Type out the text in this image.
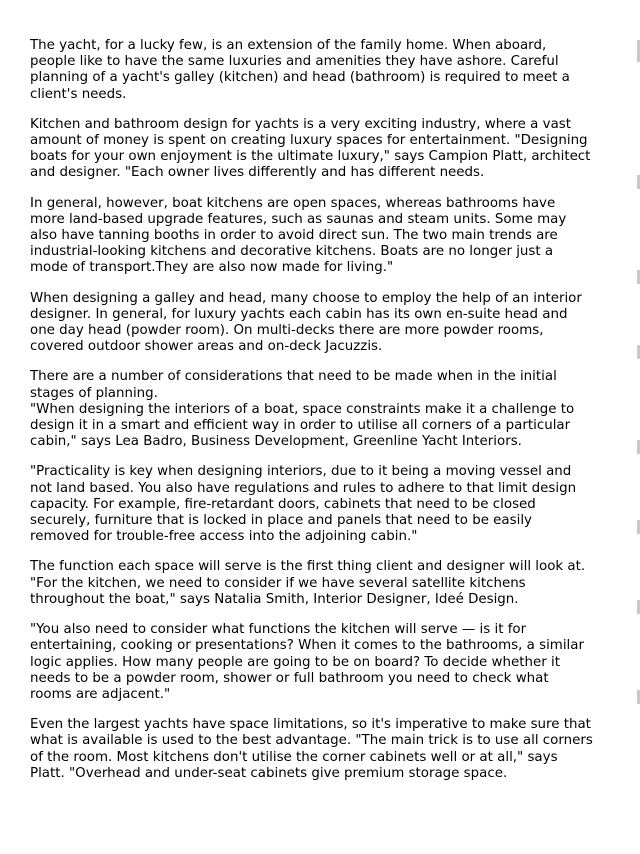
The yacht, for a lucky few, is an extension of the family home. When aboard, people like to have the same luxuries and amenities they have ashore. Careful planning of a yacht's galley (kitchen) and head (bathroom) is required to meet a client's needs.

Kitchen and bathroom design for yachts is a very exciting industry, where a vast amount of money is spent on creating luxury spaces for entertainment. "Designing boats for your own enjoyment is the ultimate luxury," says Campion Platt, architect and designer. "Each owner lives differently and has different needs.

In general, however, boat kitchens are open spaces, whereas bathrooms have more land-based upgrade features, such as saunas and steam units. Some may also have tanning booths in order to avoid direct sun. The two main trends are industrial-looking kitchens and decorative kitchens. Boats are no longer just a mode of transport.They are also now made for living."

When designing a galley and head, many choose to employ the help of an interior designer. In general, for luxury yachts each cabin has its own en-suite head and one day head (powder room). On multi-decks there are more powder rooms, covered outdoor shower areas and on-deck Jacuzzis.

There are a number of considerations that need to be made when in the initial stages of planning.

"When designing the interiors of a boat, space constraints make it a challenge to design it in a smart and efficient way in order to utilise all corners of a particular cabin," says Lea Badro, Business Development, Greenline Yacht Interiors.

"Practicality is key when designing interiors, due to it being a moving vessel and not land based. You also have regulations and rules to adhere to that limit design capacity. For example, fire-retardant doors, cabinets that need to be closed securely, furniture that is locked in place and panels that need to be easily removed for trouble-free access into the adjoining cabin."

The function each space will serve is the first thing client and designer will look at.

"For the kitchen, we need to consider if we have several satellite kitchens throughout the boat," says Natalia Smith, Interior Designer, Ideé Design.

"You also need to consider what functions the kitchen will serve — is it for entertaining, cooking or presentations? When it comes to the bathrooms, a similar logic applies. How many people are going to be on board? To decide whether it needs to be a powder room, shower or full bathroom you need to check what rooms are adjacent."

Even the largest yachts have space limitations, so it's imperative to make sure that what is available is used to the best advantage. "The main trick is to use all corners of the room. Most kitchens don't utilise the corner cabinets well or at all," says Platt. "Overhead and under-seat cabinets give premium storage space.
